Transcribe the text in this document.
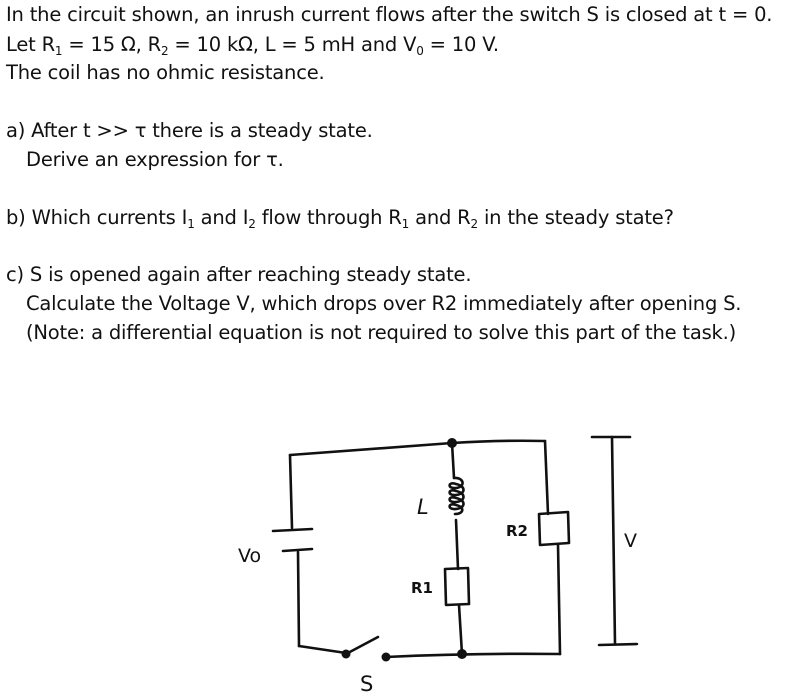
In the circuit shown, an inrush current flows after the switch S is closed at t = 0.
Let $R_1 = 15$ Ω, $R_2 = 10$ kΩ, L = 5 mH and $V_0 = 10$ V.
The coil has no ohmic resistance.
a) After t >> τ there is a steady state.
Derive an expression for τ.
b) Which currents $I_1$ and $I_2$ flow through $R_1$ and $R_2$ in the steady state?
c) S is opened again after reaching steady state.
Calculate the Voltage V, which drops over R2 immediately after opening S.
(Note: a differential equation is not required to solve this part of the task.)
Vo
L
R1
R2	V
S
